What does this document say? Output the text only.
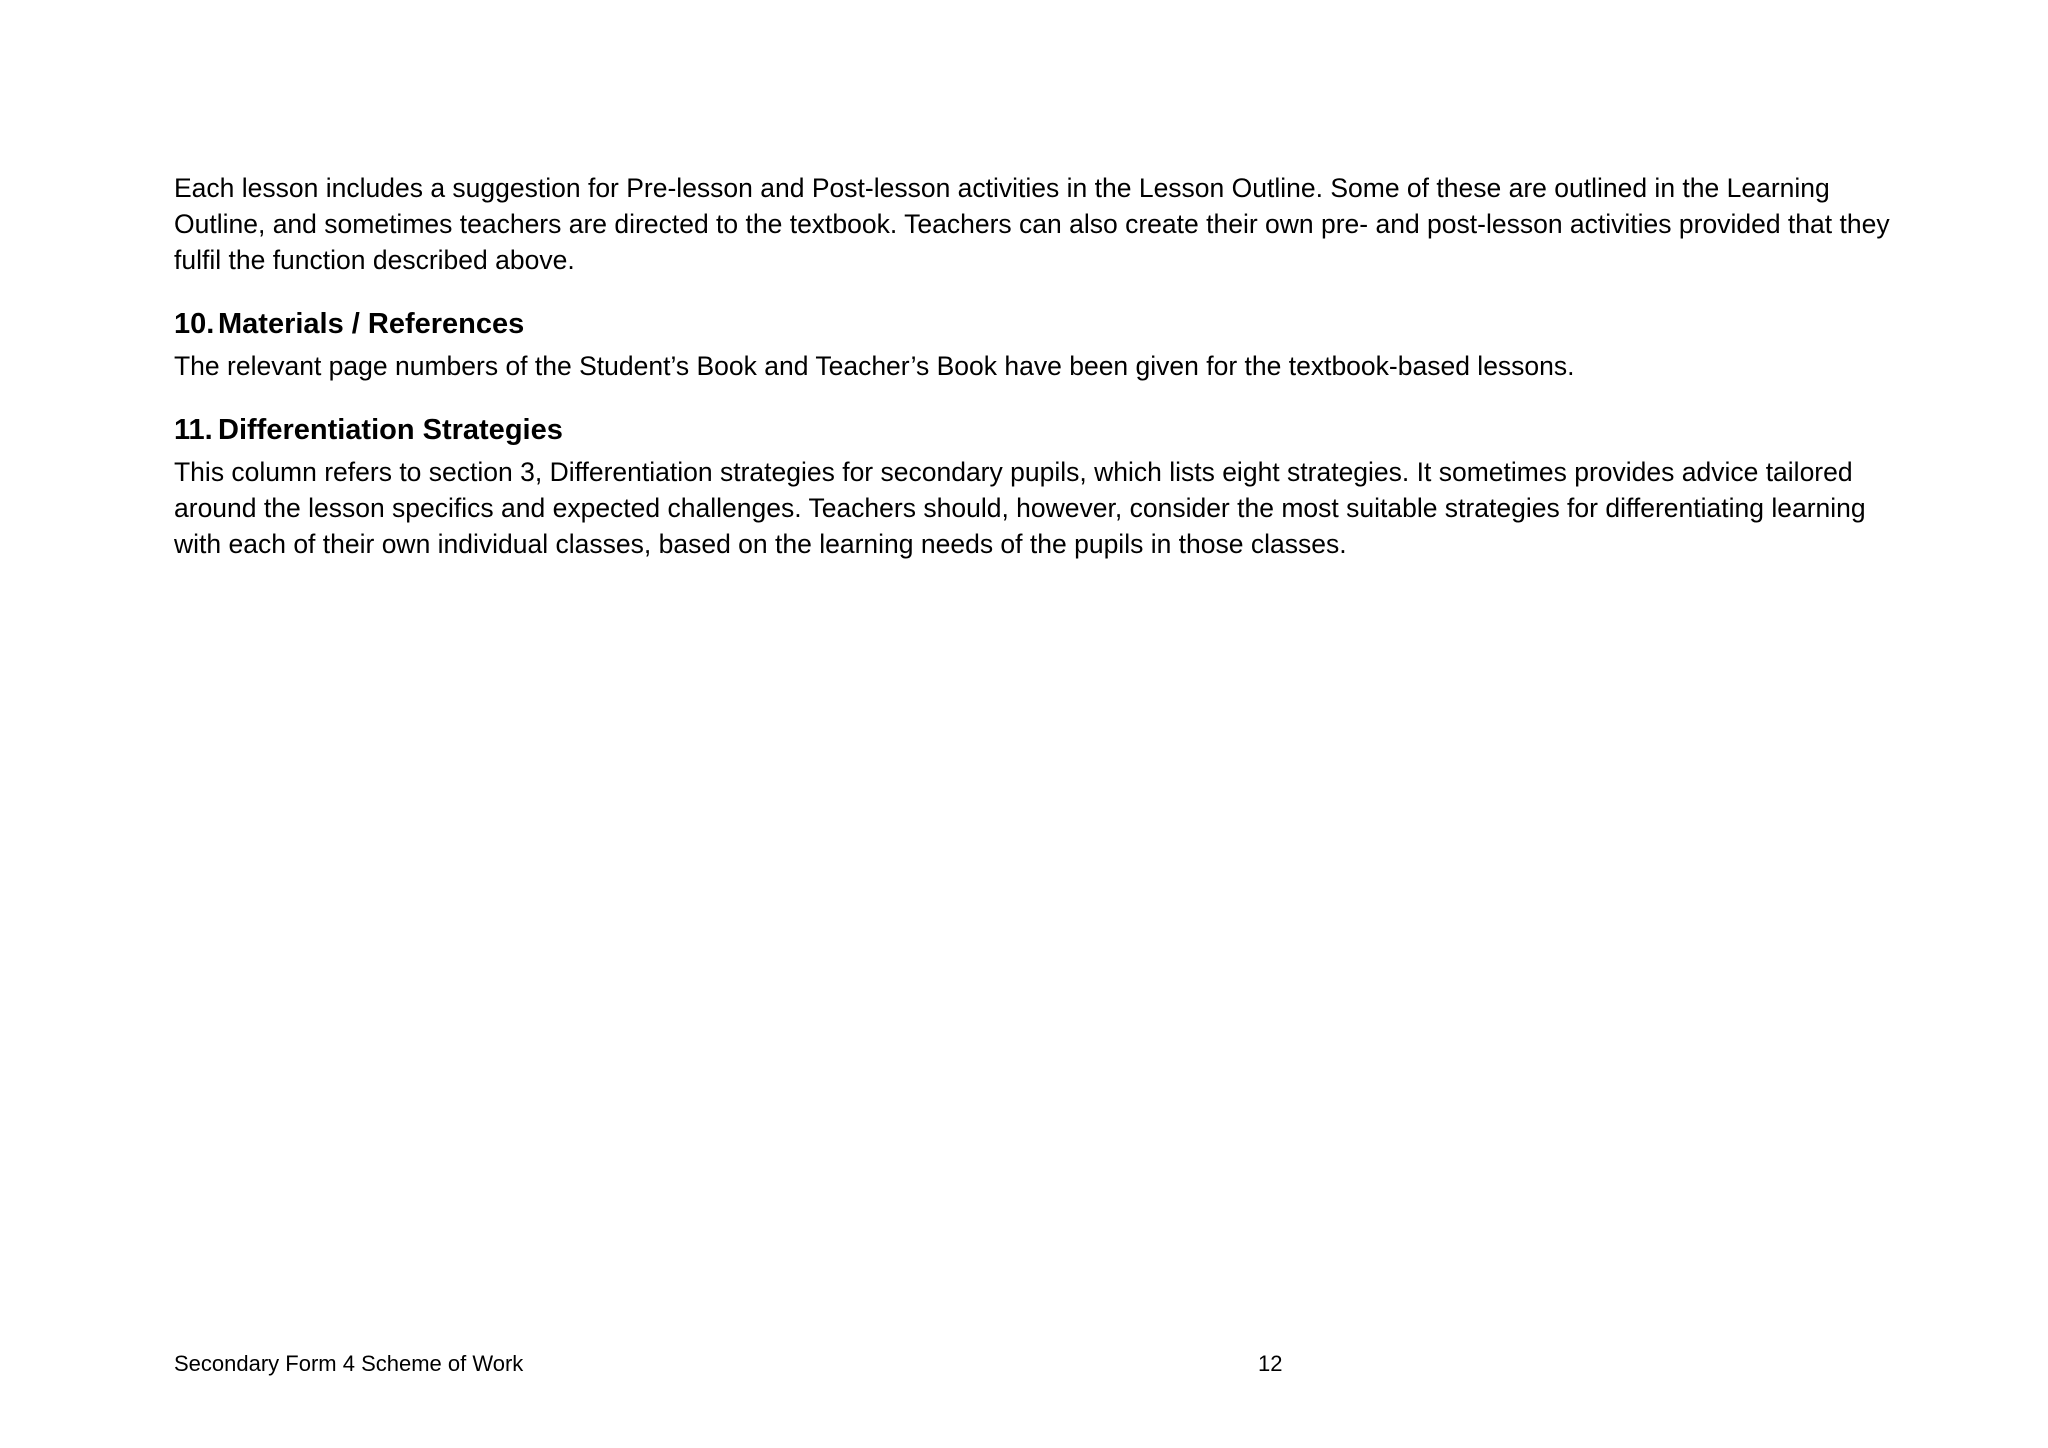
Each lesson includes a suggestion for Pre-lesson and Post-lesson activities in the Lesson Outline. Some of these are outlined in the Learning Outline, and sometimes teachers are directed to the textbook. Teachers can also create their own pre- and post-lesson activities provided that they fulfil the function described above.

10. Materials / References

The relevant page numbers of the Student’s Book and Teacher’s Book have been given for the textbook-based lessons.

11. Differentiation Strategies

This column refers to section 3, Differentiation strategies for secondary pupils, which lists eight strategies. It sometimes provides advice tailored around the lesson specifics and expected challenges. Teachers should, however, consider the most suitable strategies for differentiating learning with each of their own individual classes, based on the learning needs of the pupils in those classes.

Secondary Form 4 Scheme of Work	12
